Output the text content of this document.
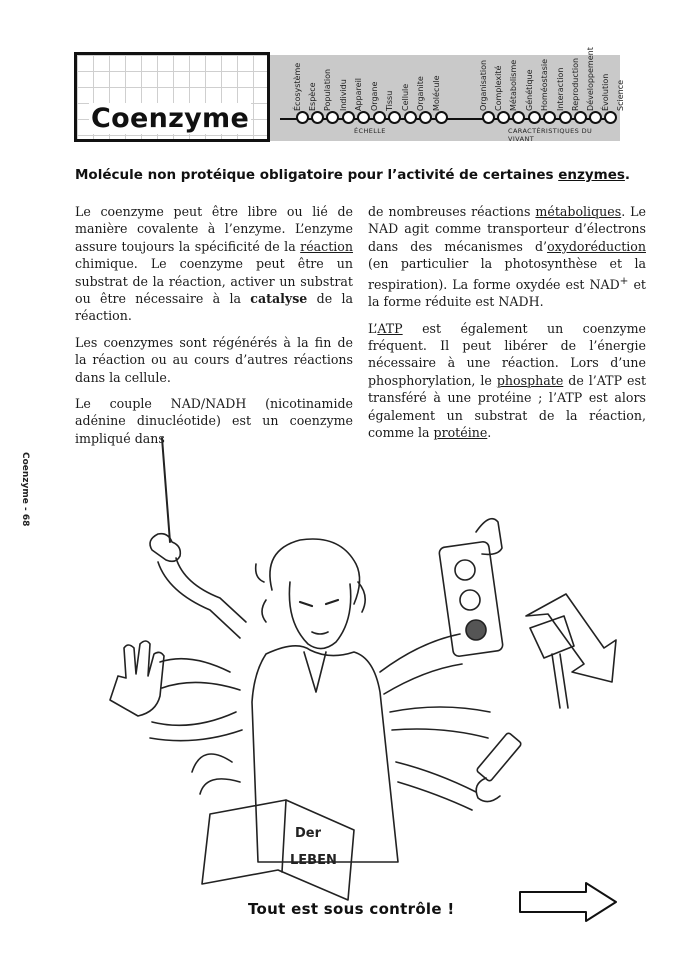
Coenzyme
Écosystème Espèce Population Individu Appareil Organe Tissu Cellule Organite Molécule	Organisation Complexité Métabolisme Génétique Homéostasie Interaction Reproduction Développement Évolution Science
ÉCHELLE	CARACTÉRISTIQUES DU VIVANT
Molécule non protéique obligatoire pour l’activité de certaines enzymes.

Le coenzyme peut être libre ou lié de manière covalente à l’enzyme. L’enzyme assure toujours la spécificité de la réaction chimique. Le coenzyme peut être un substrat de la réaction, activer un substrat ou être nécessaire à la catalyse de la réaction.

Les coenzymes sont régénérés à la fin de la réaction ou au cours d’autres réactions dans la cellule.

Le couple NAD/NADH (nicotinamide adénine dinucléotide) est un coenzyme impliqué dans

de nombreuses réactions métaboliques. Le NAD agit comme transporteur d’électrons dans des mécanismes d’oxydoréduction (en particulier la photosynthèse et la respiration). La forme oxydée est NAD+ et la forme réduite est NADH.

L’ATP est également un coenzyme fréquent. Il peut libérer de l’énergie nécessaire à une réaction. Lors d’une phosphorylation, le phosphate de l’ATP est transféré à une protéine ; l’ATP est alors également un substrat de la réaction, comme la protéine.

Coenzyme - 68
Der
LEBEN
Tout est sous contrôle !
